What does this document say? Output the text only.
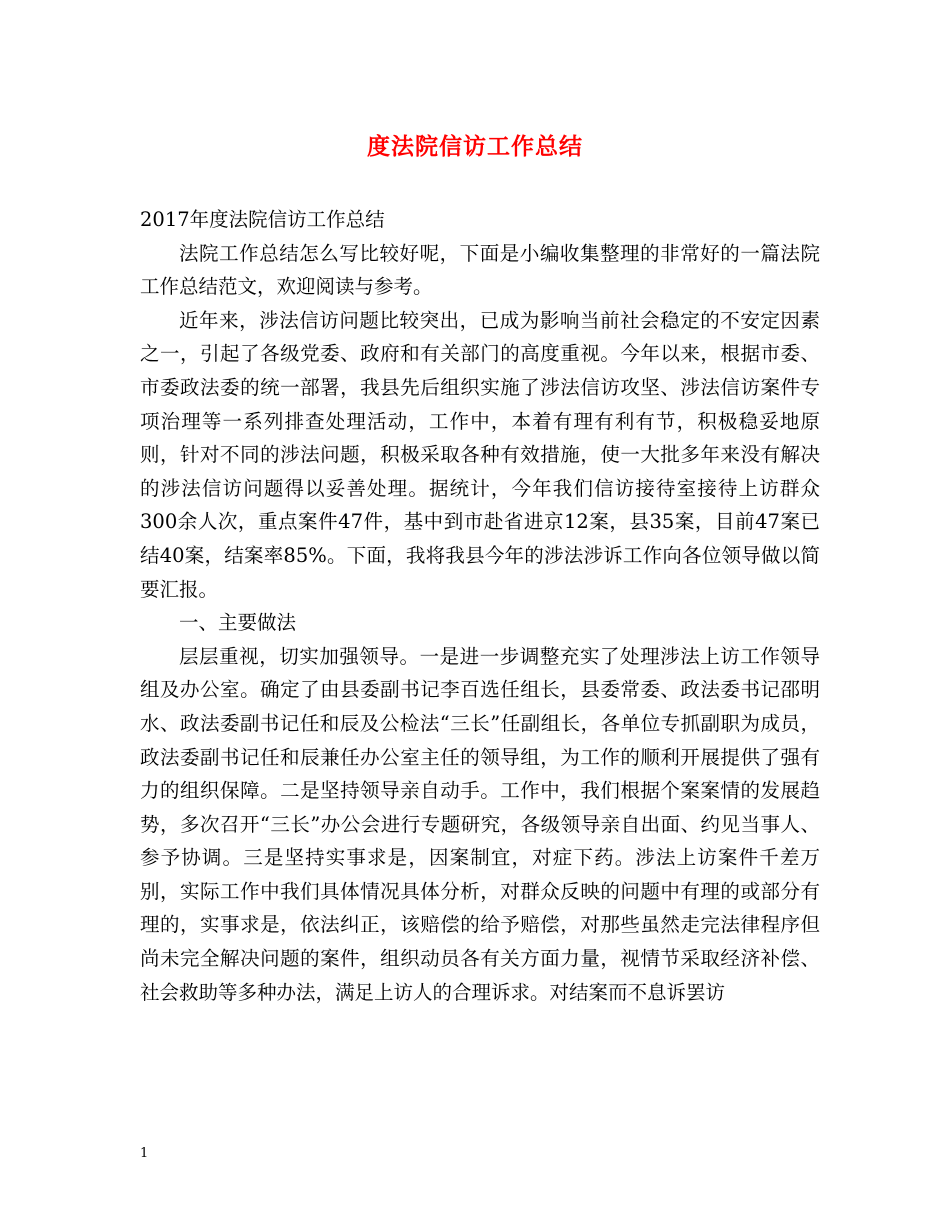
度法院信访工作总结

2017年度法院信访工作总结

法院工作总结怎么写比较好呢，下面是小编收集整理的非常好的一篇法院工作总结范文，欢迎阅读与参考。

近年来，涉法信访问题比较突出，已成为影响当前社会稳定的不安定因素之一，引起了各级党委、政府和有关部门的高度重视。今年以来，根据市委、市委政法委的统一部署，我县先后组织实施了涉法信访攻坚、涉法信访案件专项治理等一系列排查处理活动，工作中，本着有理有利有节，积极稳妥地原则，针对不同的涉法问题，积极采取各种有效措施，使一大批多年来没有解决的涉法信访问题得以妥善处理。据统计，今年我们信访接待室接待上访群众300余人次，重点案件47件，基中到市赴省进京12案，县35案，目前47案已结40案，结案率85%。下面，我将我县今年的涉法涉诉工作向各位领导做以简要汇报。

一、主要做法

层层重视，切实加强领导。一是进一步调整充实了处理涉法上访工作领导组及办公室。确定了由县委副书记李百选任组长，县委常委、政法委书记邵明水、政法委副书记任和辰及公检法“三长”任副组长，各单位专抓副职为成员，政法委副书记任和辰兼任办公室主任的领导组，为工作的顺利开展提供了强有力的组织保障。二是坚持领导亲自动手。工作中，我们根据个案案情的发展趋势，多次召开“三长”办公会进行专题研究，各级领导亲自出面、约见当事人、参予协调。三是坚持实事求是，因案制宜，对症下药。涉法上访案件千差万别，实际工作中我们具体情况具体分析，对群众反映的问题中有理的或部分有理的，实事求是，依法纠正，该赔偿的给予赔偿，对那些虽然走完法律程序但尚未完全解决问题的案件，组织动员各有关方面力量，视情节采取经济补偿、社会救助等多种办法，满足上访人的合理诉求。对结案而不息诉罢访

1
